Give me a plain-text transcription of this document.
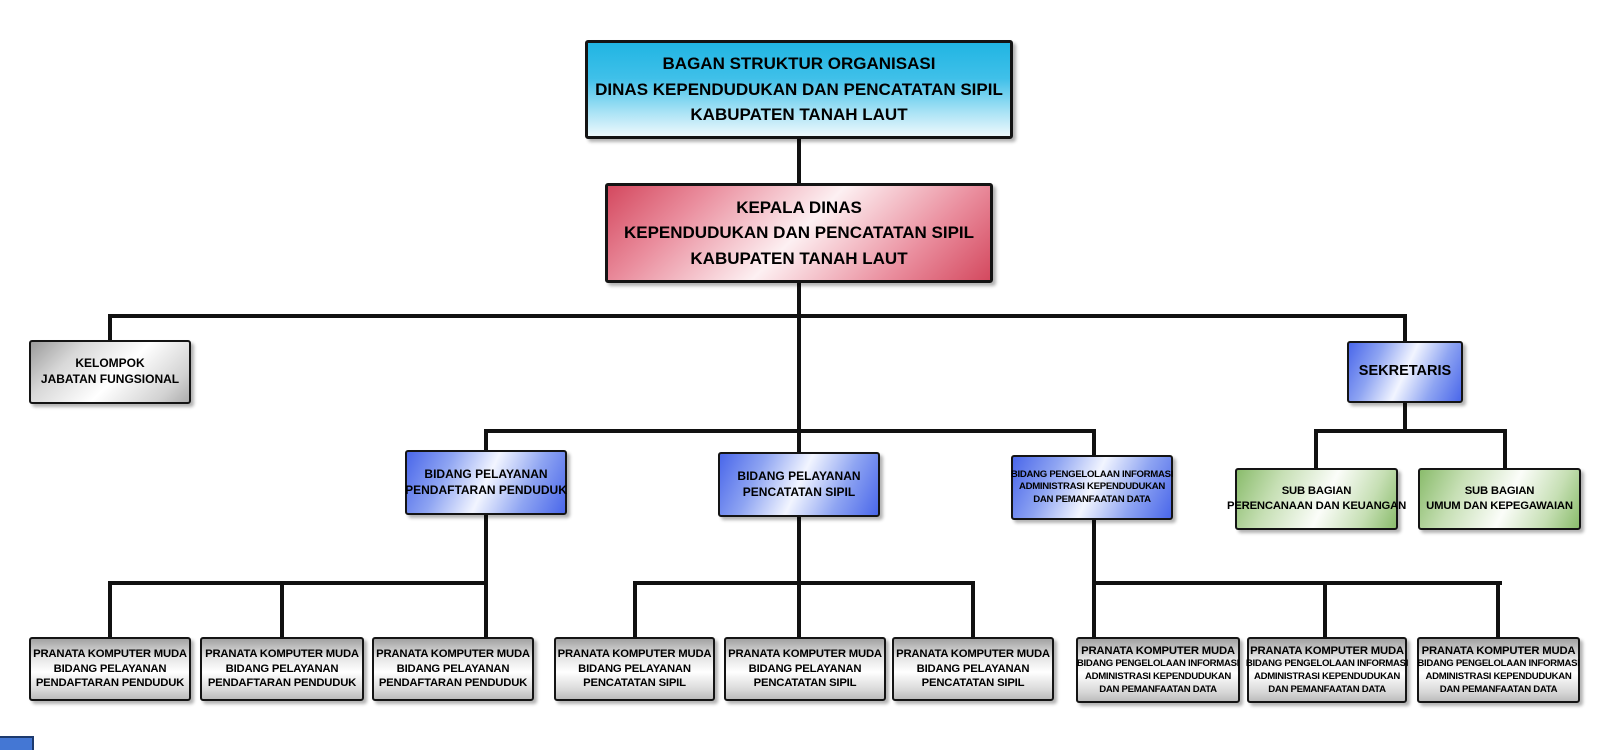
BAGAN STRUKTUR ORGANISASI
DINAS KEPENDUDUKAN DAN PENCATATAN SIPIL
KABUPATEN TANAH LAUT
KEPALA DINAS
KEPENDUDUKAN DAN PENCATATAN SIPIL
KABUPATEN TANAH LAUT
KELOMPOK
JABATAN FUNGSIONAL	SEKRETARIS
BIDANG PELAYANAN
PENDAFTARAN PENDUDUK
BIDANG PELAYANAN
PENCATATAN SIPIL
BIDANG PENGELOLAAN INFORMASI
ADMINISTRASI KEPENDUDUKAN
DAN PEMANFAATAN DATA
SUB BAGIAN
PERENCANAAN DAN KEUANGAN
SUB BAGIAN
UMUM DAN KEPEGAWAIAN
PRANATA KOMPUTER MUDA
BIDANG PELAYANAN
PENDAFTARAN PENDUDUK
PRANATA KOMPUTER MUDA
BIDANG PELAYANAN
PENDAFTARAN PENDUDUK
PRANATA KOMPUTER MUDA
BIDANG PELAYANAN
PENDAFTARAN PENDUDUK
PRANATA KOMPUTER MUDA
BIDANG PELAYANAN
PENCATATAN SIPIL
PRANATA KOMPUTER MUDA
BIDANG PELAYANAN
PENCATATAN SIPIL
PRANATA KOMPUTER MUDA
BIDANG PELAYANAN
PENCATATAN SIPIL
PRANATA KOMPUTER MUDA
BIDANG PENGELOLAAN INFORMASI
ADMINISTRASI KEPENDUDUKAN
DAN PEMANFAATAN DATA
PRANATA KOMPUTER MUDA
BIDANG PENGELOLAAN INFORMASI
ADMINISTRASI KEPENDUDUKAN
DAN PEMANFAATAN DATA
PRANATA KOMPUTER MUDA
BIDANG PENGELOLAAN INFORMASI
ADMINISTRASI KEPENDUDUKAN
DAN PEMANFAATAN DATA
